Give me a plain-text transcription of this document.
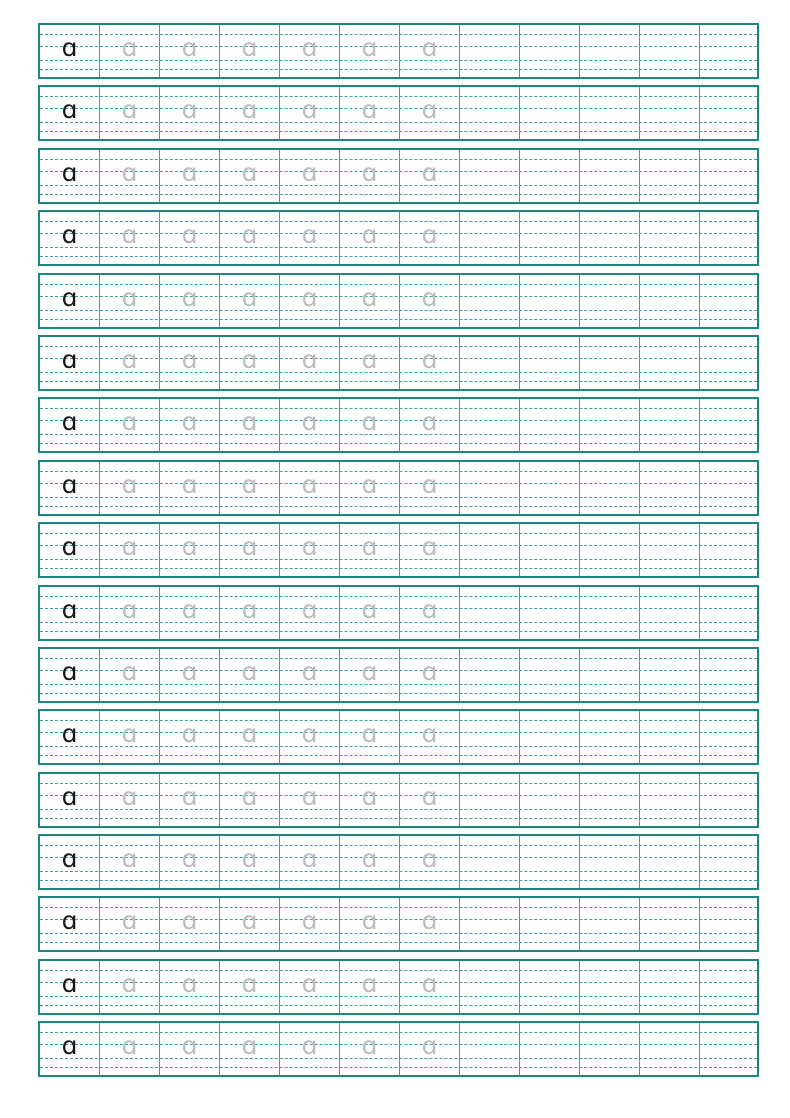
ɑ	ɑ	ɑ	ɑ	ɑ	ɑ	ɑ
ɑ	ɑ	ɑ	ɑ	ɑ	ɑ	ɑ
ɑ	ɑ	ɑ	ɑ	ɑ	ɑ	ɑ
ɑ	ɑ	ɑ	ɑ	ɑ	ɑ	ɑ
ɑ	ɑ	ɑ	ɑ	ɑ	ɑ	ɑ
ɑ	ɑ	ɑ	ɑ	ɑ	ɑ	ɑ
ɑ	ɑ	ɑ	ɑ	ɑ	ɑ	ɑ
ɑ	ɑ	ɑ	ɑ	ɑ	ɑ	ɑ
ɑ	ɑ	ɑ	ɑ	ɑ	ɑ	ɑ
ɑ	ɑ	ɑ	ɑ	ɑ	ɑ	ɑ
ɑ	ɑ	ɑ	ɑ	ɑ	ɑ	ɑ
ɑ	ɑ	ɑ	ɑ	ɑ	ɑ	ɑ
ɑ	ɑ	ɑ	ɑ	ɑ	ɑ	ɑ
ɑ	ɑ	ɑ	ɑ	ɑ	ɑ	ɑ
ɑ	ɑ	ɑ	ɑ	ɑ	ɑ	ɑ
ɑ	ɑ	ɑ	ɑ	ɑ	ɑ	ɑ
ɑ	ɑ	ɑ	ɑ	ɑ	ɑ	ɑ
